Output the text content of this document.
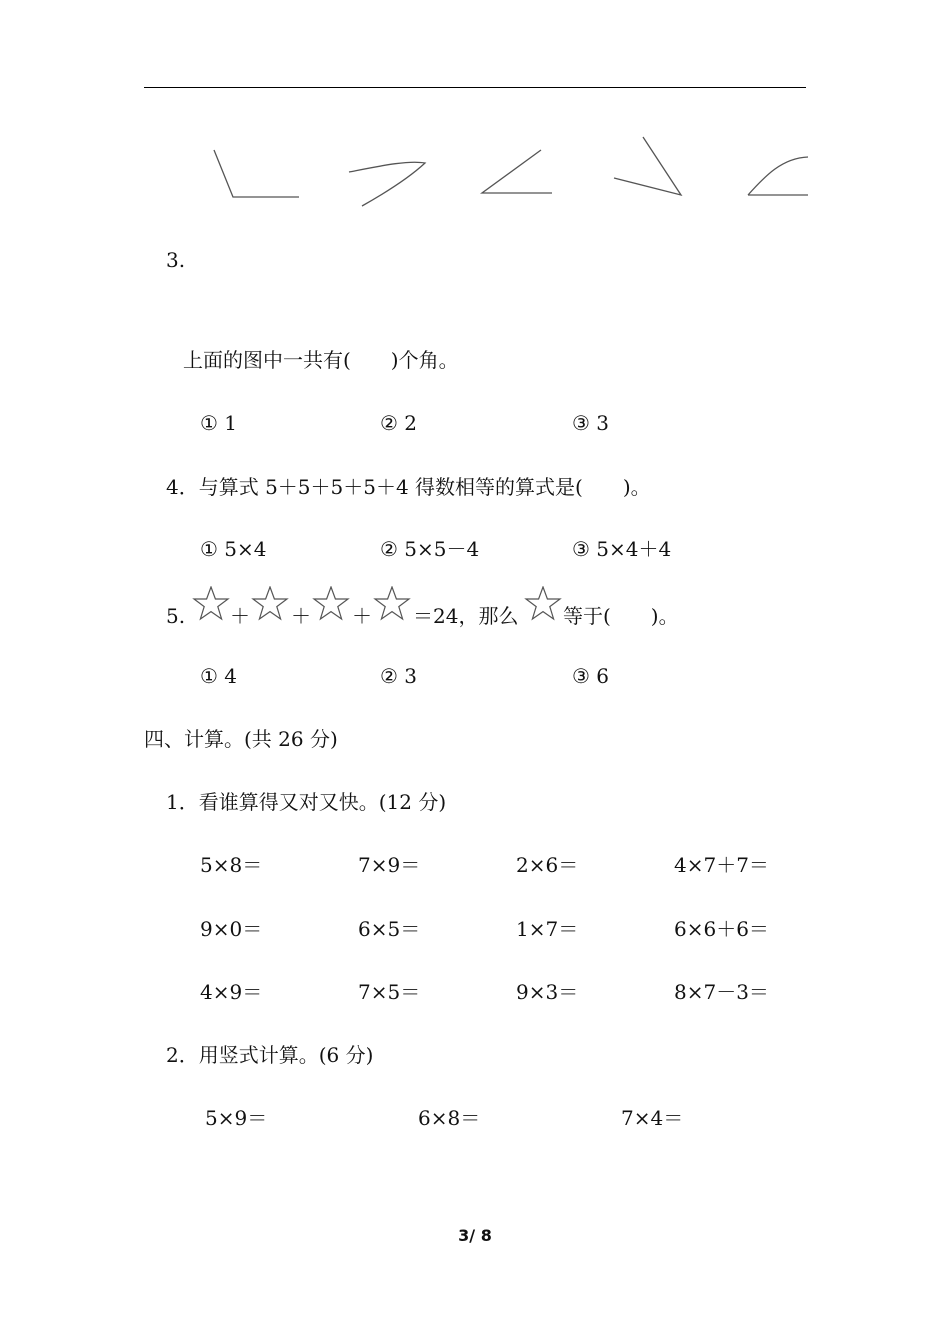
3.
上面的图中一共有(　　)个角。
① 1	② 2	③ 3
4．与算式 5＋5＋5＋5＋4 得数相等的算式是(　　)。
① 5×4	② 5×5－4	③ 5×4＋4
5. ＋ ＋ ＋ ＝24，那么 等于(　　)。
① 4	② 3	③ 6
四、计算。(共 26 分)
1．看谁算得又对又快。(12 分)
5×8＝	7×9＝	2×6＝	4×7＋7＝
9×0＝	6×5＝	1×7＝	6×6＋6＝
4×9＝	7×5＝	9×3＝	8×7－3＝
2．用竖式计算。(6 分)
5×9＝	6×8＝	7×4＝
3/ 8
